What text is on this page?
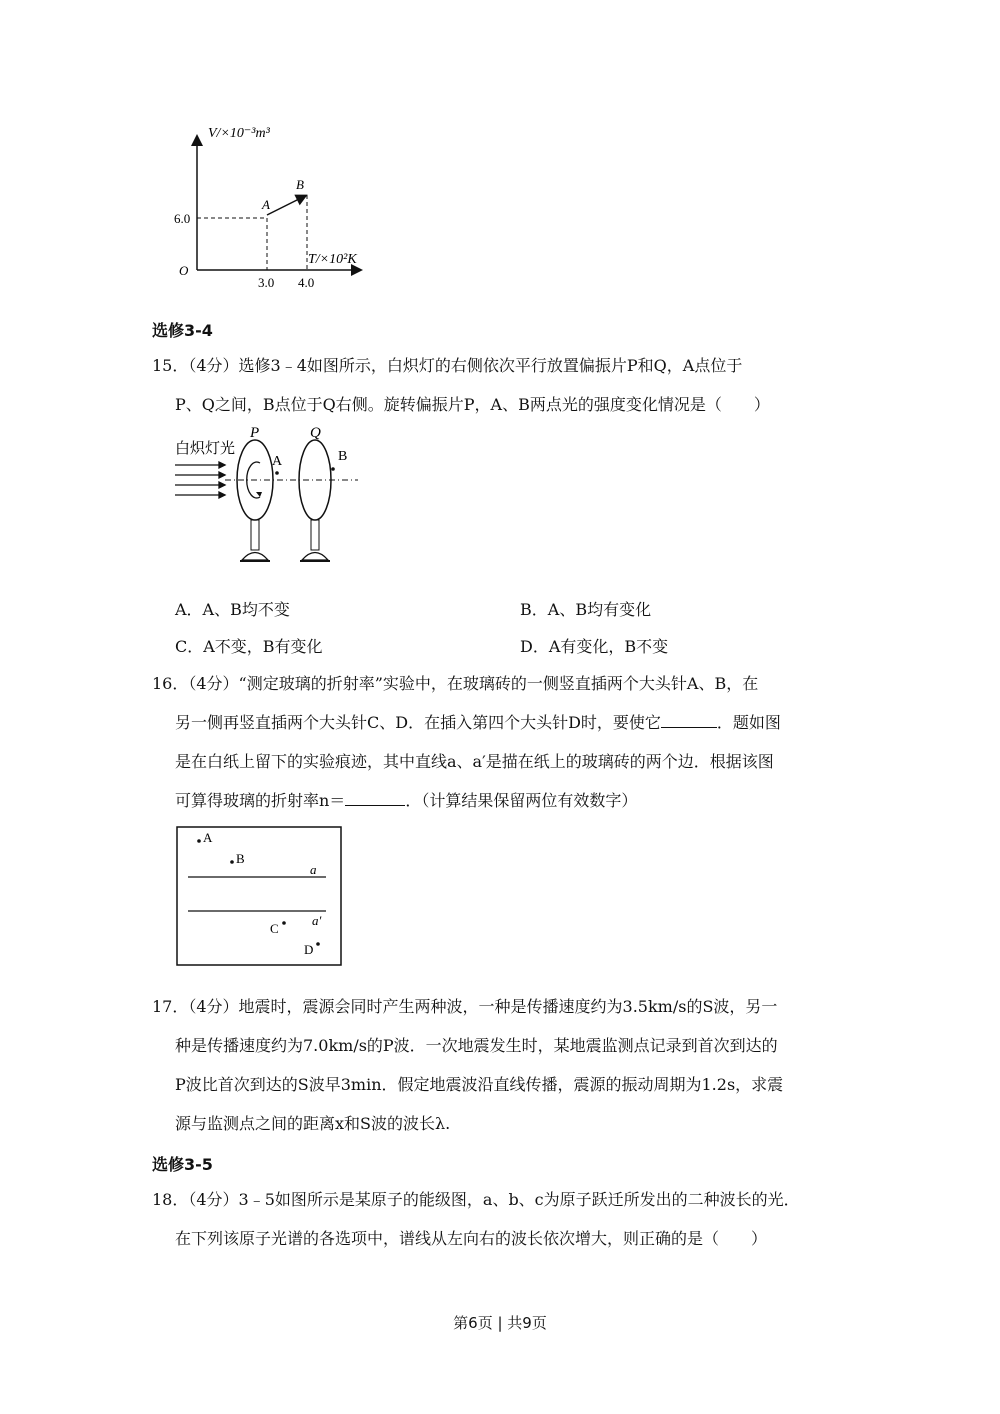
V/×10⁻³m³
T/×10²K
O
6.0
3.0 4.0
A
B
选修3-4
15．（4分）选修3﹣4如图所示，白炽灯的右侧依次平行放置偏振片P和Q，A点位于
P、Q之间，B点位于Q右侧。旋转偏振片P，A、B两点光的强度变化情况是（　　）
白炽灯光
P	Q
A	B
A．A、B均不变	B．A、B均有变化
C．A不变，B有变化	D．A有变化，B不变
16．（4分）“测定玻璃的折射率”实验中，在玻璃砖的一侧竖直插两个大头针A、B，在
另一侧再竖直插两个大头针C、D．在插入第四个大头针D时，要使它	．题如图
是在白纸上留下的实验痕迹，其中直线a、a′是描在纸上的玻璃砖的两个边．根据该图
可算得玻璃的折射率n＝	．（计算结果保留两位有效数字）
A
B
a
a′
C
D
17．（4分）地震时，震源会同时产生两种波，一种是传播速度约为3.5km/s的S波，另一
种是传播速度约为7.0km/s的P波．一次地震发生时，某地震监测点记录到首次到达的
P波比首次到达的S波早3min．假定地震波沿直线传播，震源的振动周期为1.2s，求震
源与监测点之间的距离x和S波的波长λ.
选修3-5
18．（4分）3﹣5如图所示是某原子的能级图，a、b、c为原子跃迁所发出的二种波长的光．
在下列该原子光谱的各选项中，谱线从左向右的波长依次增大，则正确的是（　　）
第6页 | 共9页
